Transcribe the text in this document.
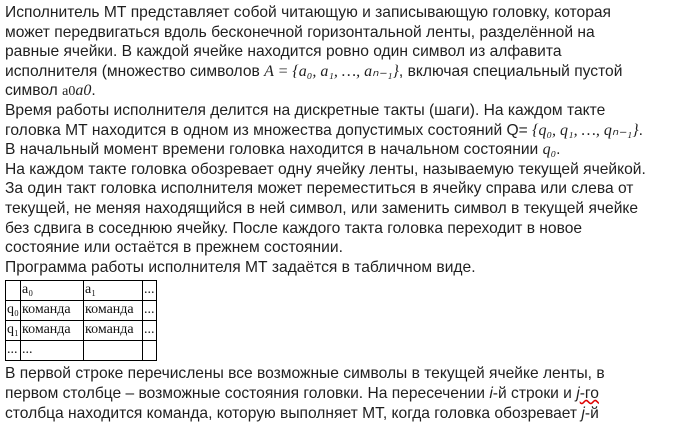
Исполнитель МТ представляет собой читающую и записывающую головку, которая
может передвигаться вдоль бесконечной горизонтальной ленты, разделённой на
равные ячейки. В каждой ячейке находится ровно один символ из алфавита
исполнителя (множество символов A = {a₀, a₁, …, aₙ₋₁}, включая специальный пустой
символ a0a0.
Время работы исполнителя делится на дискретные такты (шаги). На каждом такте
головка МТ находится в одном из множества допустимых состояний Q= {q₀, q₁, …, qₙ₋₁}.
В начальный момент времени головка находится в начальном состоянии q₀.
На каждом такте головка обозревает одну ячейку ленты, называемую текущей ячейкой.
За один такт головка исполнителя может переместиться в ячейку справа или слева от
текущей, не меняя находящийся в ней символ, или заменить символ в текущей ячейке
без сдвига в соседнюю ячейку. После каждого такта головка переходит в новое
состояние или остаётся в прежнем состоянии.
Программа работы исполнителя МТ задаётся в табличном виде.
	a₀	a₁	...
q₀	команда	команда	...
q₁	команда	команда	...
...	...		
В первой строке перечислены все возможные символы в текущей ячейке ленты, в
первом столбце – возможные состояния головки. На пересечении i-й строки и j-го
столбца находится команда, которую выполняет МТ, когда головка обозревает j-й
